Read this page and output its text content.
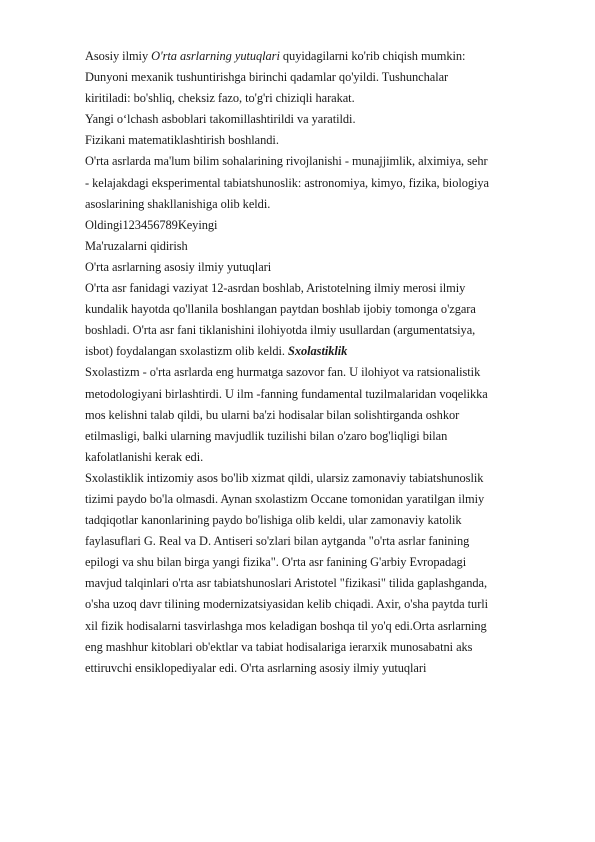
Asosiy ilmiy O'rta asrlarning yutuqlari quyidagilarni ko'rib chiqish mumkin:
Dunyoni mexanik tushuntirishga birinchi qadamlar qo'yildi. Tushunchalar
kiritiladi: bo'shliq, cheksiz fazo, to'g'ri chiziqli harakat.
Yangi o‘lchash asboblari takomillashtirildi va yaratildi.
Fizikani matematiklashtirish boshlandi.
O'rta asrlarda ma'lum bilim sohalarining rivojlanishi - munajjimlik, alximiya, sehr
- kelajakdagi eksperimental tabiatshunoslik: astronomiya, kimyo, fizika, biologiya
asoslarining shakllanishiga olib keldi.
Oldingi123456789Keyingi
Ma'ruzalarni qidirish
O'rta asrlarning asosiy ilmiy yutuqlari
O'rta asr fanidagi vaziyat 12-asrdan boshlab, Aristotelning ilmiy merosi ilmiy
kundalik hayotda qo'llanila boshlangan paytdan boshlab ijobiy tomonga o'zgara
boshladi. O'rta asr fani tiklanishini ilohiyotda ilmiy usullardan (argumentatsiya,
isbot) foydalangan sxolastizm olib keldi. Sxolastiklik
Sxolastizm - o'rta asrlarda eng hurmatga sazovor fan. U ilohiyot va ratsionalistik
metodologiyani birlashtirdi. U ilm -fanning fundamental tuzilmalaridan voqelikka
mos kelishni talab qildi, bu ularni ba'zi hodisalar bilan solishtirganda oshkor
etilmasligi, balki ularning mavjudlik tuzilishi bilan o'zaro bog'liqligi bilan
kafolatlanishi kerak edi.
Sxolastiklik intizomiy asos bo'lib xizmat qildi, ularsiz zamonaviy tabiatshunoslik
tizimi paydo bo'la olmasdi. Aynan sxolastizm Occane tomonidan yaratilgan ilmiy
tadqiqotlar kanonlarining paydo bo'lishiga olib keldi, ular zamonaviy katolik
faylasuflari G. Real va D. Antiseri so'zlari bilan aytganda "o'rta asrlar fanining
epilogi va shu bilan birga yangi fizika". O'rta asr fanining G'arbiy Evropadagi
mavjud talqinlari o'rta asr tabiatshunoslari Aristotel "fizikasi" tilida gaplashganda,
o'sha uzoq davr tilining modernizatsiyasidan kelib chiqadi. Axir, o'sha paytda turli
xil fizik hodisalarni tasvirlashga mos keladigan boshqa til yo'q edi.Orta asrlarning
eng mashhur kitoblari ob'ektlar va tabiat hodisalariga ierarxik munosabatni aks
ettiruvchi ensiklopediyalar edi. O'rta asrlarning asosiy ilmiy yutuqlari
